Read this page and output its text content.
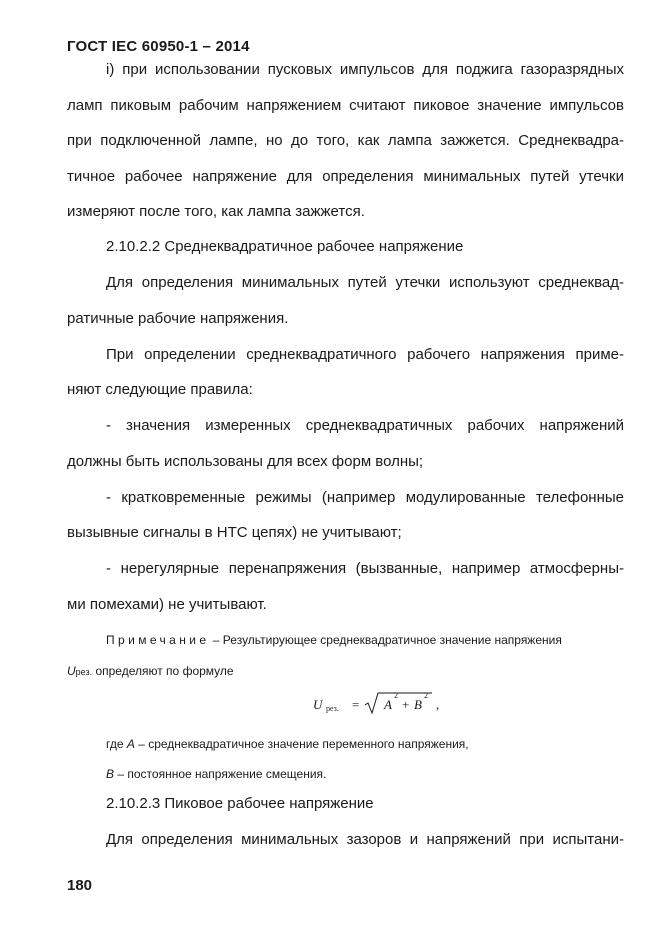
ГОСТ IEC 60950-1 – 2014
i) при использовании пусковых импульсов для поджига газоразрядных
ламп пиковым рабочим напряжением считают пиковое значение импульсов
при подключенной лампе, но до того, как лампа зажжется. Среднеквадра-
тичное рабочее напряжение для определения минимальных путей утечки
измеряют после того, как лампа зажжется.
2.10.2.2 Среднеквадратичное рабочее напряжение
Для определения минимальных путей утечки используют среднеквад-
ратичные рабочие напряжения.
При определении среднеквадратичного рабочего напряжения приме-
няют следующие правила:
- значения измеренных среднеквадратичных рабочих напряжений
должны быть использованы для всех форм волны;
- кратковременные режимы (например модулированные телефонные
вызывные сигналы в НТС цепях) не учитывают;
- нерегулярные перенапряжения (вызванные, например атмосферны-
ми помехами) не учитывают.
Примечание – Результирующее среднеквадратичное значение напряжения
Uрез. определяют по формуле
U рез. = A
2
+ B
2
,
где A – среднеквадратичное значение переменного напряжения,
B – постоянное напряжение смещения.
2.10.2.3 Пиковое рабочее напряжение
Для определения минимальных зазоров и напряжений при испытани-
180
